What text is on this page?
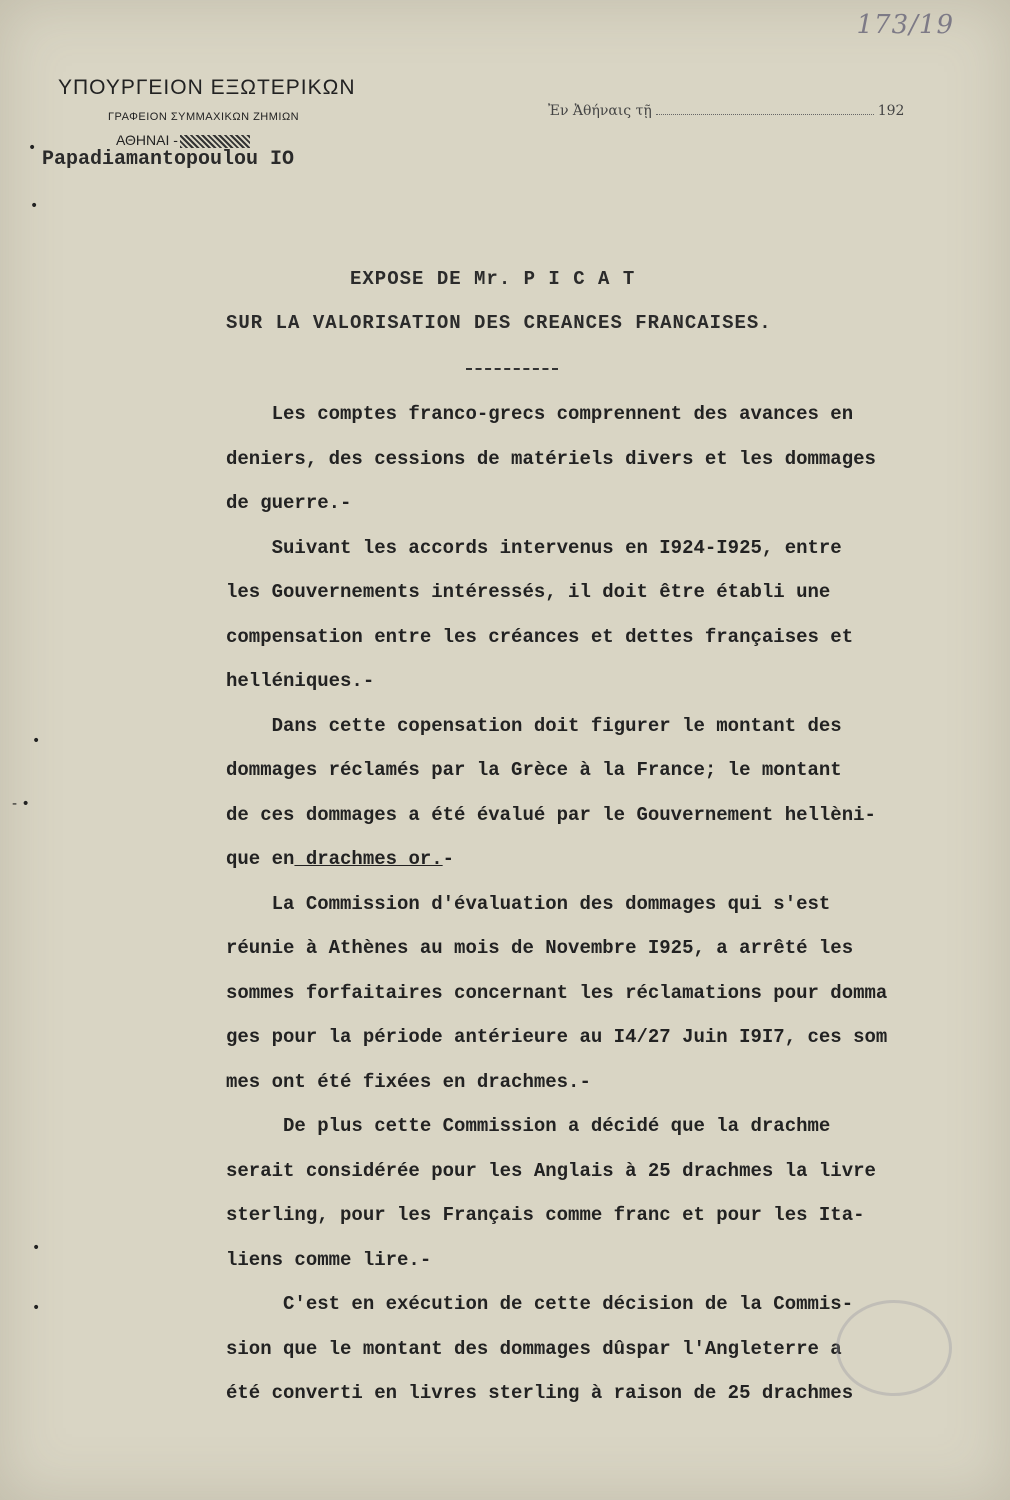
173/19
ΥΠΟΥΡΓΕΙΟΝ ΕΞΩΤΕΡΙΚΩΝ
ΓΡΑΦΕΙΟΝ ΣΥΜΜΑΧΙΚΩΝ ΖΗΜΙΩΝ
ΑΘΗΝΑΙ -
Papadiamantopoulou IO
Ἐν Ἀθήναις τῇ	192
EXPOSE DE Mr. P I C A T
SUR LA VALORISATION DES CREANCES FRANCAISES.
Les comptes franco-grecs comprennent des avances en
deniers, des cessions de matériels divers et les dommages
de guerre.-
Suivant les accords intervenus en I924-I925, entre
les Gouvernements intéressés, il doit être établi une
compensation entre les créances et dettes françaises et
helléniques.-
Dans cette copensation doit figurer le montant des
dommages réclamés par la Grèce à la France; le montant
de ces dommages a été évalué par le Gouvernement hellèni-
que en drachmes or.-
La Commission d'évaluation des dommages qui s'est
réunie à Athènes au mois de Novembre I925, a arrêté les
sommes forfaitaires concernant les réclamations pour domma
ges pour la période antérieure au I4/27 Juin I9I7, ces som
mes ont été fixées en drachmes.-
De plus cette Commission a décidé que la drachme
serait considérée pour les Anglais à 25 drachmes la livre
sterling, pour les Français comme franc et pour les Ita-
liens comme lire.-
C'est en exécution de cette décision de la Commis-
sion que le montant des dommages dûspar l'Angleterre a
été converti en livres sterling à raison de 25 drachmes
•
•
•
- •
•
•
